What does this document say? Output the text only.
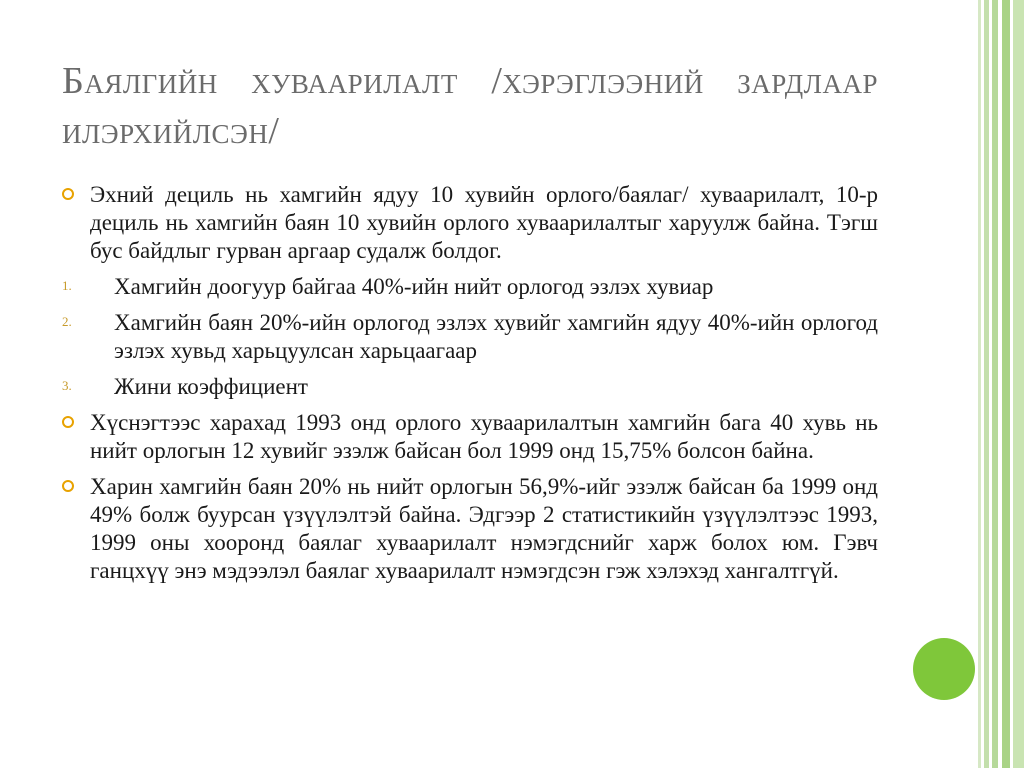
Баялгийн хуваарилалт /хэрэглээний зардлаар илэрхийлсэн/
Эхний дециль нь хамгийн ядуу 10 хувийн орлого/баялаг/ хуваарилалт, 10-р дециль нь хамгийн баян 10 хувийн орлого хуваарилалтыг харуулж байна. Тэгш бус байдлыг гурван аргаар судалж болдог.
1.	Хамгийн доогуур байгаа 40%-ийн нийт орлогод эзлэх хувиар
2.	Хамгийн баян 20%-ийн орлогод эзлэх хувийг хамгийн ядуу 40%-ийн орлогод эзлэх хувьд харьцуулсан харьцаагаар
3.	Жини коэффициент
Хүснэгтээс харахад 1993 онд орлого хуваарилалтын хамгийн бага 40 хувь нь нийт орлогын 12 хувийг эзэлж байсан бол 1999 онд 15,75% болсон байна.
Харин хамгийн баян 20% нь нийт орлогын 56,9%-ийг эзэлж байсан ба 1999 онд 49% болж буурсан үзүүлэлтэй байна. Эдгээр 2 статистикийн үзүүлэлтээс 1993, 1999 оны хооронд баялаг хуваарилалт нэмэгдснийг харж болох юм. Гэвч ганцхүү энэ мэдээлэл баялаг хуваарилалт нэмэгдсэн гэж хэлэхэд хангалтгүй.
